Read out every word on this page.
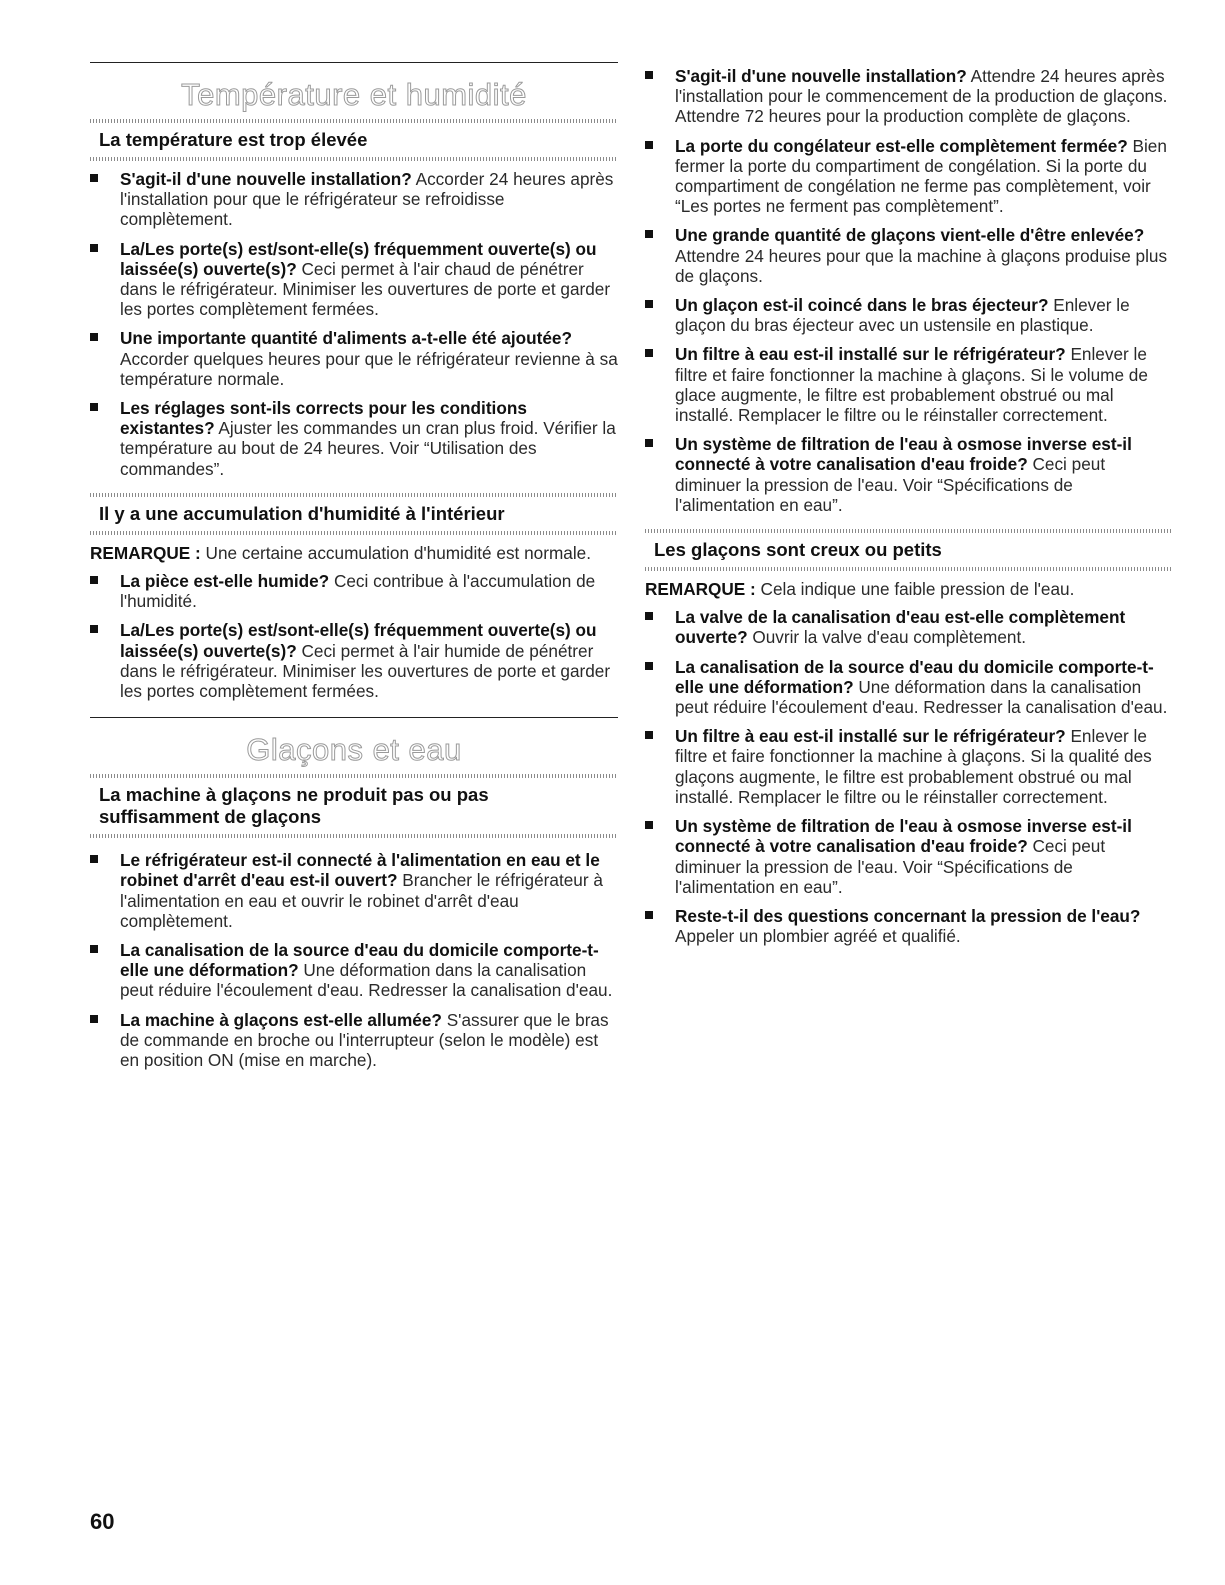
Température et humidité
La température est trop élevée
S'agit-il d'une nouvelle installation? Accorder 24 heures après l'installation pour que le réfrigérateur se refroidisse complètement.
La/Les porte(s) est/sont-elle(s) fréquemment ouverte(s) ou laissée(s) ouverte(s)? Ceci permet à l'air chaud de pénétrer dans le réfrigérateur. Minimiser les ouvertures de porte et garder les portes complètement fermées.
Une importante quantité d'aliments a-t-elle été ajoutée? Accorder quelques heures pour que le réfrigérateur revienne à sa température normale.
Les réglages sont-ils corrects pour les conditions existantes? Ajuster les commandes un cran plus froid. Vérifier la température au bout de 24 heures. Voir “Utilisation des commandes”.
Il y a une accumulation d'humidité à l'intérieur

REMARQUE : Une certaine accumulation d'humidité est normale.

La pièce est-elle humide? Ceci contribue à l'accumulation de l'humidité.
La/Les porte(s) est/sont-elle(s) fréquemment ouverte(s) ou laissée(s) ouverte(s)? Ceci permet à l'air humide de pénétrer dans le réfrigérateur. Minimiser les ouvertures de porte et garder les portes complètement fermées.
Glaçons et eau
La machine à glaçons ne produit pas ou pas
suffisamment de glaçons
Le réfrigérateur est-il connecté à l'alimentation en eau et le robinet d'arrêt d'eau est-il ouvert? Brancher le réfrigérateur à l'alimentation en eau et ouvrir le robinet d'arrêt d'eau complètement.
La canalisation de la source d'eau du domicile comporte-t-elle une déformation? Une déformation dans la canalisation peut réduire l'écoulement d'eau. Redresser la canalisation d'eau.
La machine à glaçons est-elle allumée? S'assurer que le bras de commande en broche ou l'interrupteur (selon le modèle) est en position ON (mise en marche).
S'agit-il d'une nouvelle installation? Attendre 24 heures après l'installation pour le commencement de la production de glaçons. Attendre 72 heures pour la production complète de glaçons.
La porte du congélateur est-elle complètement fermée? Bien fermer la porte du compartiment de congélation. Si la porte du compartiment de congélation ne ferme pas complètement, voir “Les portes ne ferment pas complètement”.
Une grande quantité de glaçons vient-elle d'être enlevée? Attendre 24 heures pour que la machine à glaçons produise plus de glaçons.
Un glaçon est-il coincé dans le bras éjecteur? Enlever le glaçon du bras éjecteur avec un ustensile en plastique.
Un filtre à eau est-il installé sur le réfrigérateur? Enlever le filtre et faire fonctionner la machine à glaçons. Si le volume de glace augmente, le filtre est probablement obstrué ou mal installé. Remplacer le filtre ou le réinstaller correctement.
Un système de filtration de l'eau à osmose inverse est-il connecté à votre canalisation d'eau froide? Ceci peut diminuer la pression de l'eau. Voir “Spécifications de l'alimentation en eau”.
Les glaçons sont creux ou petits

REMARQUE : Cela indique une faible pression de l'eau.

La valve de la canalisation d'eau est-elle complètement ouverte? Ouvrir la valve d'eau complètement.
La canalisation de la source d'eau du domicile comporte-t-elle une déformation? Une déformation dans la canalisation peut réduire l'écoulement d'eau. Redresser la canalisation d'eau.
Un filtre à eau est-il installé sur le réfrigérateur? Enlever le filtre et faire fonctionner la machine à glaçons. Si la qualité des glaçons augmente, le filtre est probablement obstrué ou mal installé. Remplacer le filtre ou le réinstaller correctement.
Un système de filtration de l'eau à osmose inverse est-il connecté à votre canalisation d'eau froide? Ceci peut diminuer la pression de l'eau. Voir “Spécifications de l'alimentation en eau”.
Reste-t-il des questions concernant la pression de l'eau? Appeler un plombier agréé et qualifié.
60
